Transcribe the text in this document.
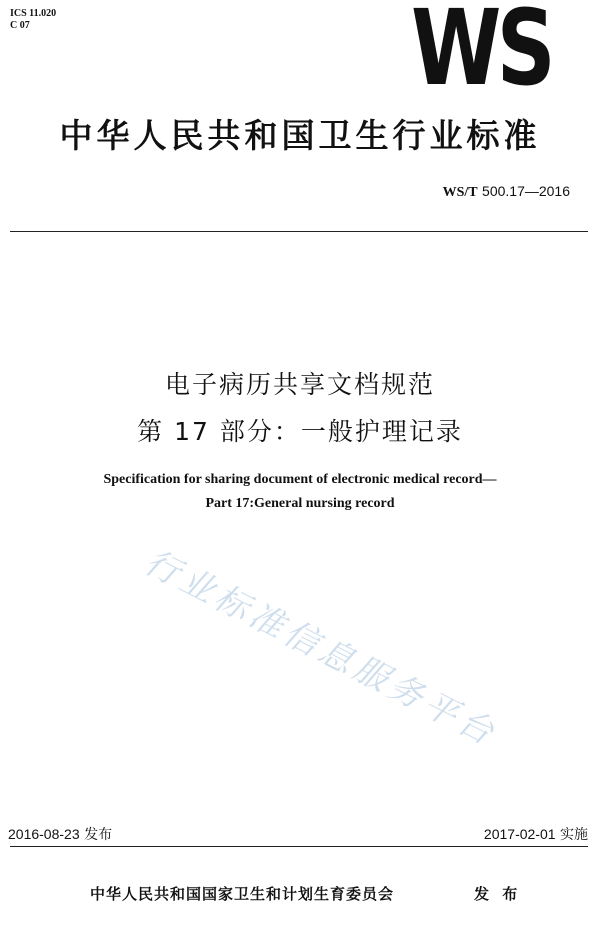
ICS 11.020
C 07	WS
中华人民共和国卫生行业标准
WS/T 500.17—2016
电子病历共享文档规范
第 17 部分：一般护理记录
Specification for sharing document of electronic medical record—
Part 17:General nursing record
行业标准信息服务平台
2016-08-23 发布	2017-02-01 实施
中华人民共和国国家卫生和计划生育委员会	发 布
